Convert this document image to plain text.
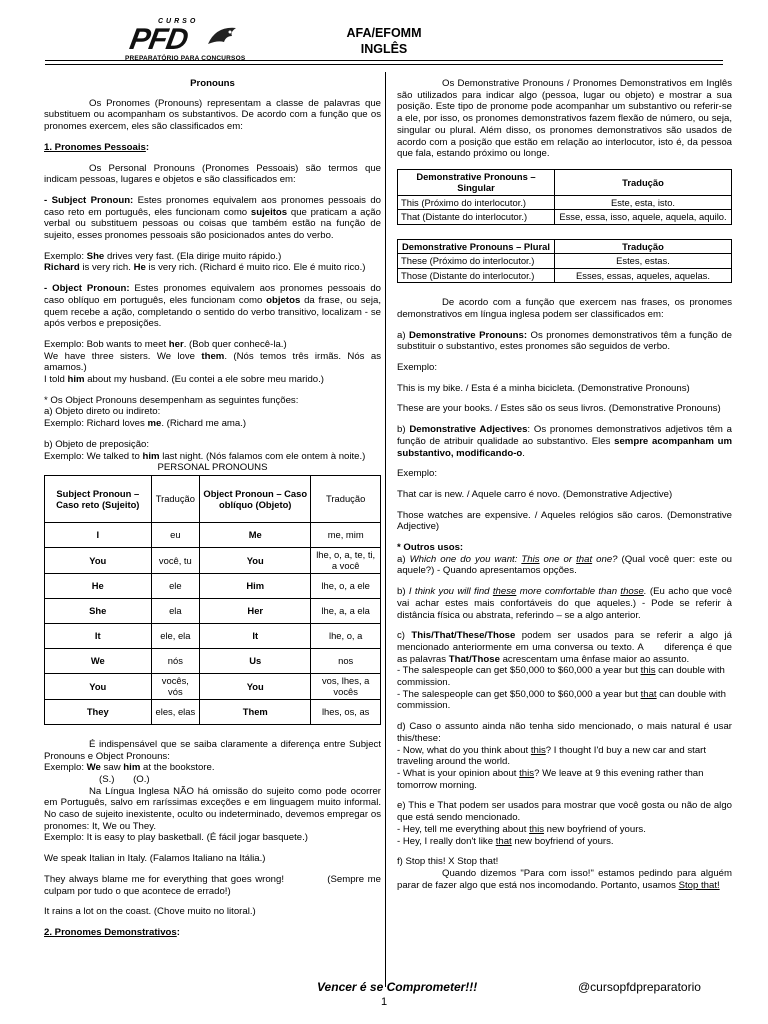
CURSO
PFD
PREPARATÓRIO PARA CONCURSOS
AFA/EFOMM
INGLÊS

Pronouns

Os Pronomes (Pronouns) representam a classe de palavras que substituem ou acompanham os substantivos. De acordo com a função que os pronomes exercem, eles são classificados em:

1. Pronomes Pessoais:

Os Personal Pronouns (Pronomes Pessoais) são termos que indicam pessoas, lugares e objetos e são classificados em:

- Subject Pronoun: Estes pronomes equivalem aos pronomes pessoais do caso reto em português, eles funcionam como sujeitos que praticam a ação verbal ou substituem pessoas ou coisas que também estão na função de sujeito, esses pronomes pessoais são posicionados antes do verbo.

Exemplo: She drives very fast. (Ela dirige muito rápido.)

Richard is very rich. He is very rich. (Richard é muito rico. Ele é muito rico.)

- Object Pronoun: Estes pronomes equivalem aos pronomes pessoais do caso oblíquo em português, eles funcionam como objetos da frase, ou seja, quem recebe a ação, completando o sentido do verbo transitivo, localizam - se após verbos e preposições.

Exemplo: Bob wants to meet her. (Bob quer conhecê-la.)

We have three sisters. We love them. (Nós temos três irmãs. Nós as amamos.)

I told him about my husband. (Eu contei a ele sobre meu marido.)

* Os Object Pronouns desempenham as seguintes funções:

a) Objeto direto ou indireto:

Exemplo: Richard loves me. (Richard me ama.)

b) Objeto de preposição:

Exemplo: We talked to him last night. (Nós falamos com ele ontem à noite.)

PERSONAL PRONOUNS
Subject Pronoun – Caso reto (Sujeito)	Tradução	Object Pronoun – Caso oblíquo (Objeto)	Tradução
I	eu	Me	me, mim
You	você, tu	You	lhe, o, a, te, ti, a você
He	ele	Him	lhe, o, a ele
She	ela	Her	lhe, a, a ela
It	ele, ela	It	lhe, o, a
We	nós	Us	nos
You	vocês, vós	You	vos, lhes, a vocês
They	eles, elas	Them	lhes, os, as

É indispensável que se saiba claramente a diferença entre Subject Pronouns e Object Pronouns:

Exemplo: We saw him at the bookstore.

(S.)       (O.)

Na Língua Inglesa NÃO há omissão do sujeito como pode ocorrer em Português, salvo em raríssimas exceções e em linguagem muito informal. No caso de sujeito inexistente, oculto ou indeterminado, devemos empregar os pronomes: It, We ou They.

Exemplo: It is easy to play basketball. (É fácil jogar basquete.)

We speak Italian in Italy. (Falamos Italiano na Itália.)

They always blame me for everything that goes wrong!            (Sempre me culpam por tudo o que acontece de errado!)

It rains a lot on the coast. (Chove muito no litoral.)

2. Pronomes Demonstrativos:

Os Demonstrative Pronouns / Pronomes Demonstrativos em Inglês são utilizados para indicar algo (pessoa, lugar ou objeto) e mostrar a sua posição. Este tipo de pronome pode acompanhar um substantivo ou referir-se a ele, por isso, os pronomes demonstrativos fazem flexão de número, ou seja, singular ou plural. Além disso, os pronomes demonstrativos são usados de acordo com a posição que estão em relação ao interlocutor, isto é, da pessoa que fala, estando próximo ou longe.

Demonstrative Pronouns – Singular	Tradução
This (Próximo do interlocutor.)	Este, esta, isto.
That (Distante do interlocutor.)	Esse, essa, isso, aquele, aquela, aquilo.
Demonstrative Pronouns – Plural	Tradução
These (Próximo do interlocutor.)	Estes, estas.
Those (Distante do interlocutor.)	Esses, essas, aqueles, aquelas.

De acordo com a função que exercem nas frases, os pronomes demonstrativos em língua inglesa podem ser classificados em:

a) Demonstrative Pronouns: Os pronomes demonstrativos têm a função de substituir o substantivo, estes pronomes são seguidos de verbo.

Exemplo:

This is my bike. / Esta é a minha bicicleta. (Demonstrative Pronouns)

These are your books. / Estes são os seus livros. (Demonstrative Pronouns)

b) Demonstrative Adjectives: Os pronomes demonstrativos adjetivos têm a função de atribuir qualidade ao substantivo. Eles sempre acompanham um substantivo, modificando-o.

Exemplo:

That car is new. / Aquele carro é novo. (Demonstrative Adjective)

Those watches are expensive. / Aqueles relógios são caros. (Demonstrative Adjective)

* Outros usos:

a) Which one do you want: This one or that one? (Qual você quer: este ou aquele?) - Quando apresentamos opções.

b) I think you will find these more comfortable than those. (Eu acho que você vai achar estes mais confortáveis do que aqueles.) - Pode se referir à distância física ou abstrata, referindo – se a algo anterior.

c) This/That/These/Those podem ser usados para se referir a algo já mencionado anteriormente em uma conversa ou texto. A      diferença é que as palavras That/Those acrescentam uma ênfase maior ao assunto.

- The salespeople can get $50,000 to $60,000 a year but this can double with commission.

- The salespeople can get $50,000 to $60,000 a year but that can double with commission.

d) Caso o assunto ainda não tenha sido mencionado, o mais natural é usar this/these:

- Now, what do you think about this? I thought I'd buy a new car and start traveling around the world.

- What is your opinion about this? We leave at 9 this evening rather than tomorrow morning.

e) This e That podem ser usados para mostrar que você gosta ou não de algo que está sendo mencionado.

- Hey, tell me everything about this new boyfriend of yours.

- Hey, I really don't like that new boyfriend of yours.

f) Stop this! X Stop that!

Quando dizemos "Para com isso!" estamos pedindo para alguém parar de fazer algo que está nos incomodando. Portanto, usamos Stop that!

Vencer é se Comprometer!!!	@cursopfdpreparatorio
1
